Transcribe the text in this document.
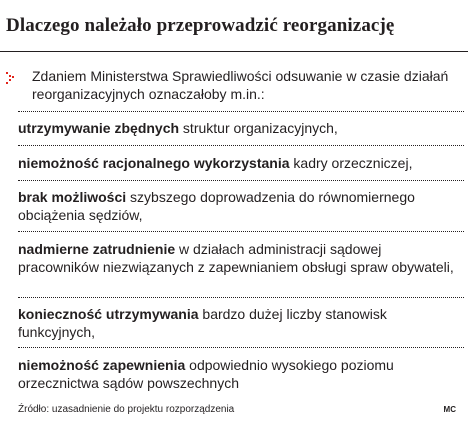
Dlaczego należało przeprowadzić reorganizację
Zdaniem Ministerstwa Sprawiedliwości odsuwanie w czasie działań reorganizacyjnych oznaczałoby m.in.:
utrzymywanie zbędnych struktur organizacyjnych,
niemożność racjonalnego wykorzystania kadry orzeczniczej,
brak możliwości szybszego doprowadzenia do równomiernego obciążenia sędziów,
nadmierne zatrudnienie w działach administracji sądowej pracowników niezwiązanych z zapewnianiem obsługi spraw obywateli,
konieczność utrzymywania bardzo dużej liczby stanowisk funkcyjnych,
niemożność zapewnienia odpowiednio wysokiego poziomu orzecznictwa sądów powszechnych
Źródło: uzasadnienie do projektu rozporządzenia	MC
